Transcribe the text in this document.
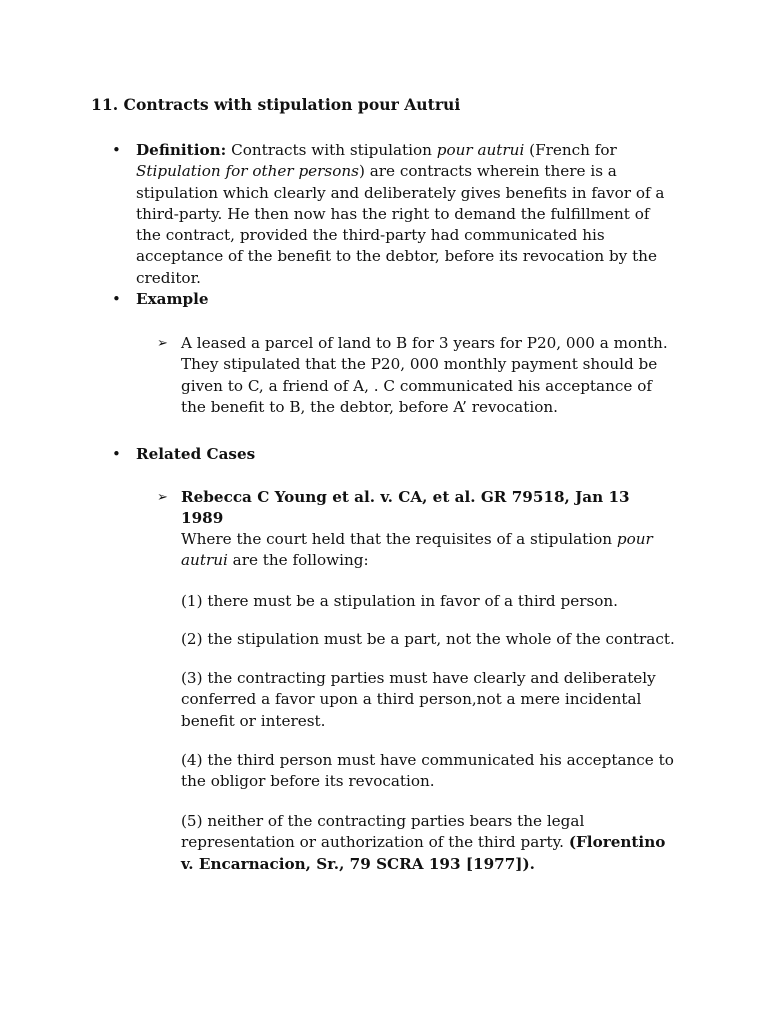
11. Contracts with stipulation pour Autrui
• Definition: Contracts with stipulation pour autrui (French for Stipulation for other persons) are contracts wherein there is a stipulation which clearly and deliberately gives benefits in favor of a third-party. He then now has the right to demand the fulfillment of the contract, provided the third-party had communicated his acceptance of the benefit to the debtor, before its revocation by the creditor.
• Example
➢ A leased a parcel of land to B for 3 years for P20, 000 a month. They stipulated that the P20, 000 monthly payment should be given to C, a friend of A, . C communicated his acceptance of the benefit to B, the debtor, before A’ revocation.
• Related Cases
➢ Rebecca C Young et al. v. CA, et al. GR 79518, Jan 13 1989
Where the court held that the requisites of a stipulation pour autrui are the following:
(1) there must be a stipulation in favor of a third person.
(2) the stipulation must be a part, not the whole of the contract.
(3) the contracting parties must have clearly and deliberately conferred a favor upon a third person,not a mere incidental benefit or interest.
(4) the third person must have communicated his acceptance to the obligor before its revocation.
(5) neither of the contracting parties bears the legal representation or authorization of the third party. (Florentino v. Encarnacion, Sr., 79 SCRA 193 [1977]).
